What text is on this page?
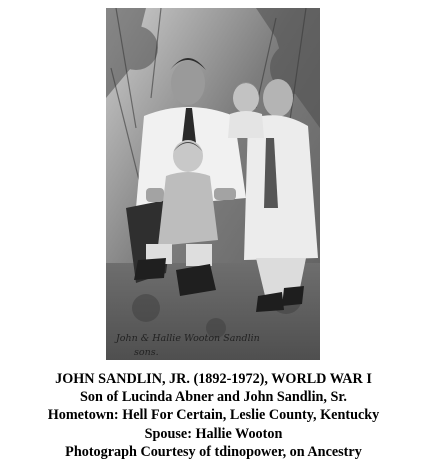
John & Hallie Wooton Sandlin
sons.
JOHN SANDLIN, JR. (1892-1972), WORLD WAR I
Son of Lucinda Abner and John Sandlin, Sr.
Hometown: Hell For Certain, Leslie County, Kentucky
Spouse: Hallie Wooton
Photograph Courtesy of tdinopower, on Ancestry
